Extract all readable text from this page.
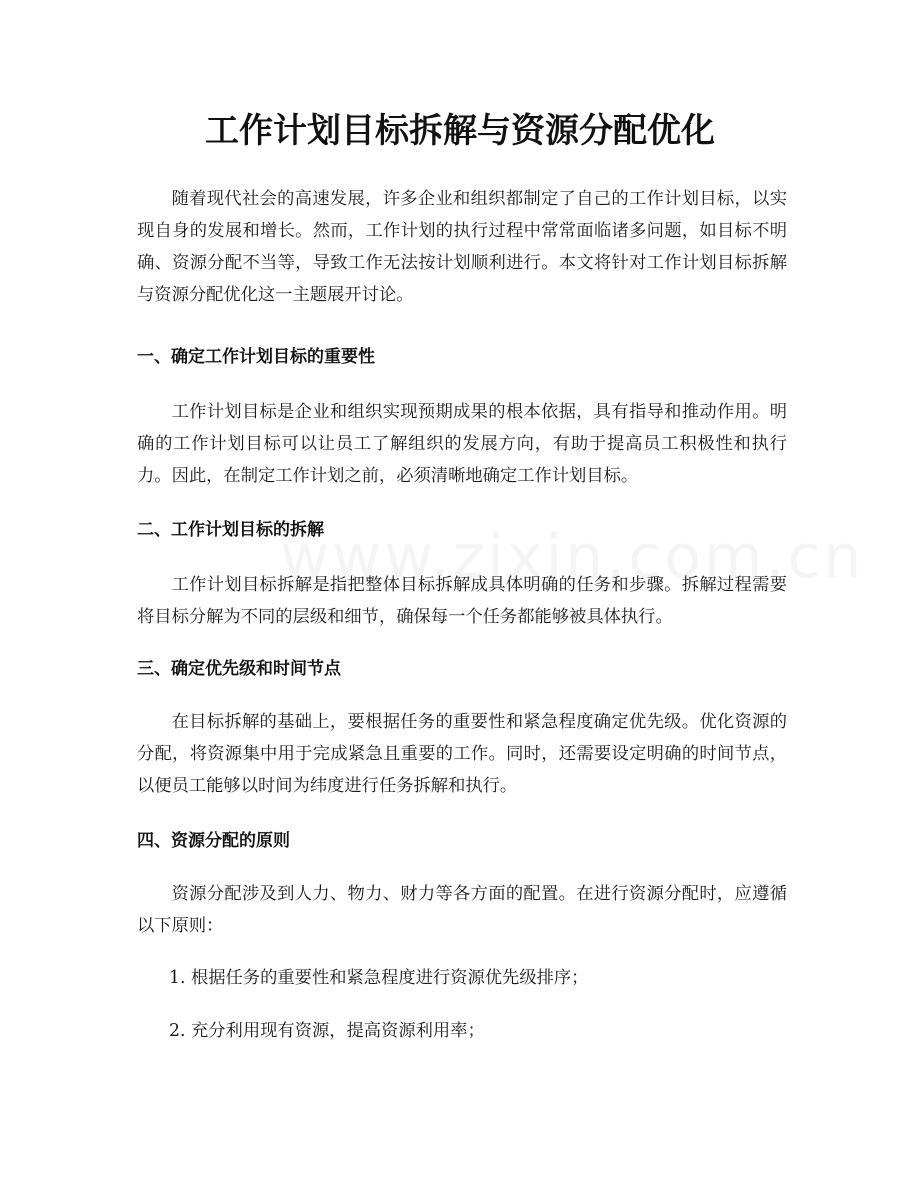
工作计划目标拆解与资源分配优化

随着现代社会的高速发展，许多企业和组织都制定了自己的工作计划目标，以实现自身的发展和增长。然而，工作计划的执行过程中常常面临诸多问题，如目标不明确、资源分配不当等，导致工作无法按计划顺利进行。本文将针对工作计划目标拆解与资源分配优化这一主题展开讨论。

一、确定工作计划目标的重要性

工作计划目标是企业和组织实现预期成果的根本依据，具有指导和推动作用。明确的工作计划目标可以让员工了解组织的发展方向，有助于提高员工积极性和执行力。因此，在制定工作计划之前，必须清晰地确定工作计划目标。

二、工作计划目标的拆解

工作计划目标拆解是指把整体目标拆解成具体明确的任务和步骤。拆解过程需要将目标分解为不同的层级和细节，确保每一个任务都能够被具体执行。

三、确定优先级和时间节点

在目标拆解的基础上，要根据任务的重要性和紧急程度确定优先级。优化资源的分配，将资源集中用于完成紧急且重要的工作。同时，还需要设定明确的时间节点，以便员工能够以时间为纬度进行任务拆解和执行。

四、资源分配的原则

资源分配涉及到人力、物力、财力等各方面的配置。在进行资源分配时，应遵循以下原则：

1. 根据任务的重要性和紧急程度进行资源优先级排序；

2. 充分利用现有资源，提高资源利用率；
